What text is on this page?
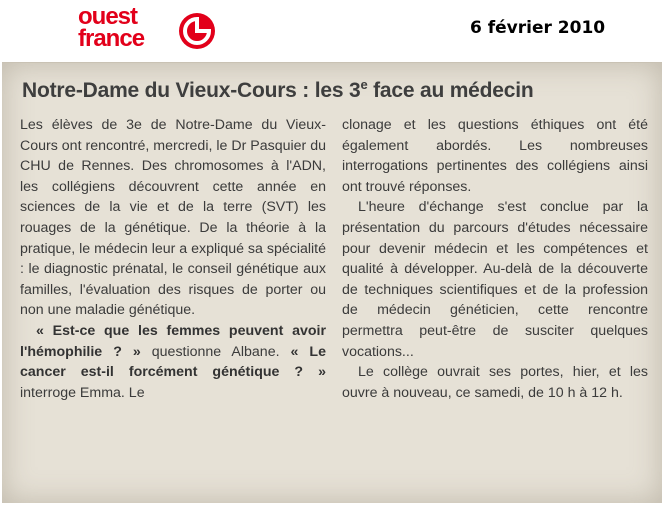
ouest
france	6 février 2010
Notre-Dame du Vieux-Cours : les 3e face au médecin

Les élèves de 3e de Notre-Dame du Vieux-Cours ont rencontré, mercredi, le Dr Pasquier du CHU de Rennes. Des chromosomes à l'ADN, les collégiens découvrent cette année en sciences de la vie et de la terre (SVT) les rouages de la génétique. De la théorie à la pratique, le médecin leur a expliqué sa spécialité : le diagnostic prénatal, le conseil génétique aux familles, l'évaluation des risques de porter ou non une maladie génétique.

« Est-ce que les femmes peuvent avoir l'hémophilie ? » questionne Albane. « Le cancer est-il forcément génétique ? » interroge Emma. Le

clonage et les questions éthiques ont été également abordés. Les nombreuses interrogations pertinentes des collégiens ainsi ont trouvé réponses.

L'heure d'échange s'est conclue par la présentation du parcours d'études nécessaire pour devenir médecin et les compétences et qualité à développer. Au-delà de la découverte de techniques scientifiques et de la profession de médecin généticien, cette rencontre permettra peut-être de susciter quelques vocations...

Le collège ouvrait ses portes, hier, et les ouvre à nouveau, ce samedi, de 10 h à 12 h.
